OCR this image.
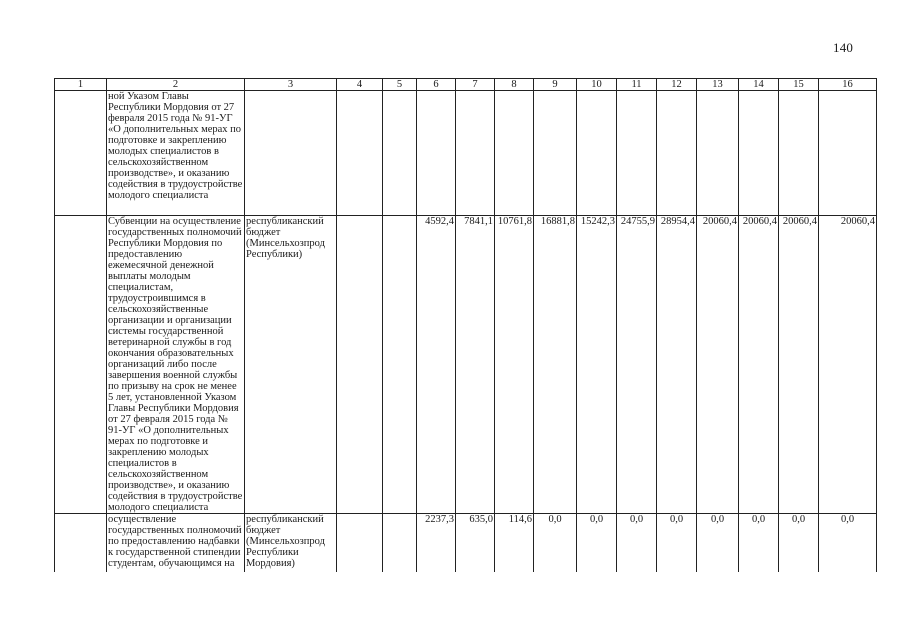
140
1	2	3	4	5	6	7	8	9	10	11	12	13	14	15	16
	ной Указом Главы Республики Мордовия от 27 февраля 2015 года № 91-УГ «О дополнительных мерах по подготовке и закреплению молодых специалистов в сельскохозяйственном производстве», и оказанию содействия в трудоустройстве молодого специалиста														
	Субвенции на осуществление государственных полномочий Республики Мордовия по предоставлению ежемесячной денежной выплаты молодым специалистам, трудоустроившимся в сельскохозяйственные организации и организации системы государственной ветеринарной службы в год окончания образовательных организаций либо после завершения военной службы по призыву на срок не менее 5 лет, установленной Указом Главы Республики Мордовия от 27 февраля 2015 года № 91-УГ «О дополнительных мерах по подготовке и закреплению молодых специалистов в сельскохозяйственном производстве», и оказанию содействия в трудоустройстве молодого специалиста	республиканский бюджет (Минсельхозпрод Республики)			4592,4	7841,1	10761,8	16881,8	15242,3	24755,9	28954,4	20060,4	20060,4	20060,4	20060,4
	осуществление государственных полномочий по предоставлению надбавки к государственной стипендии студентам, обучающимся на	республиканский бюджет (Минсельхозпрод Республики Мордовия)			2237,3	635,0	114,6	0,0	0,0	0,0	0,0	0,0	0,0	0,0	0,0
